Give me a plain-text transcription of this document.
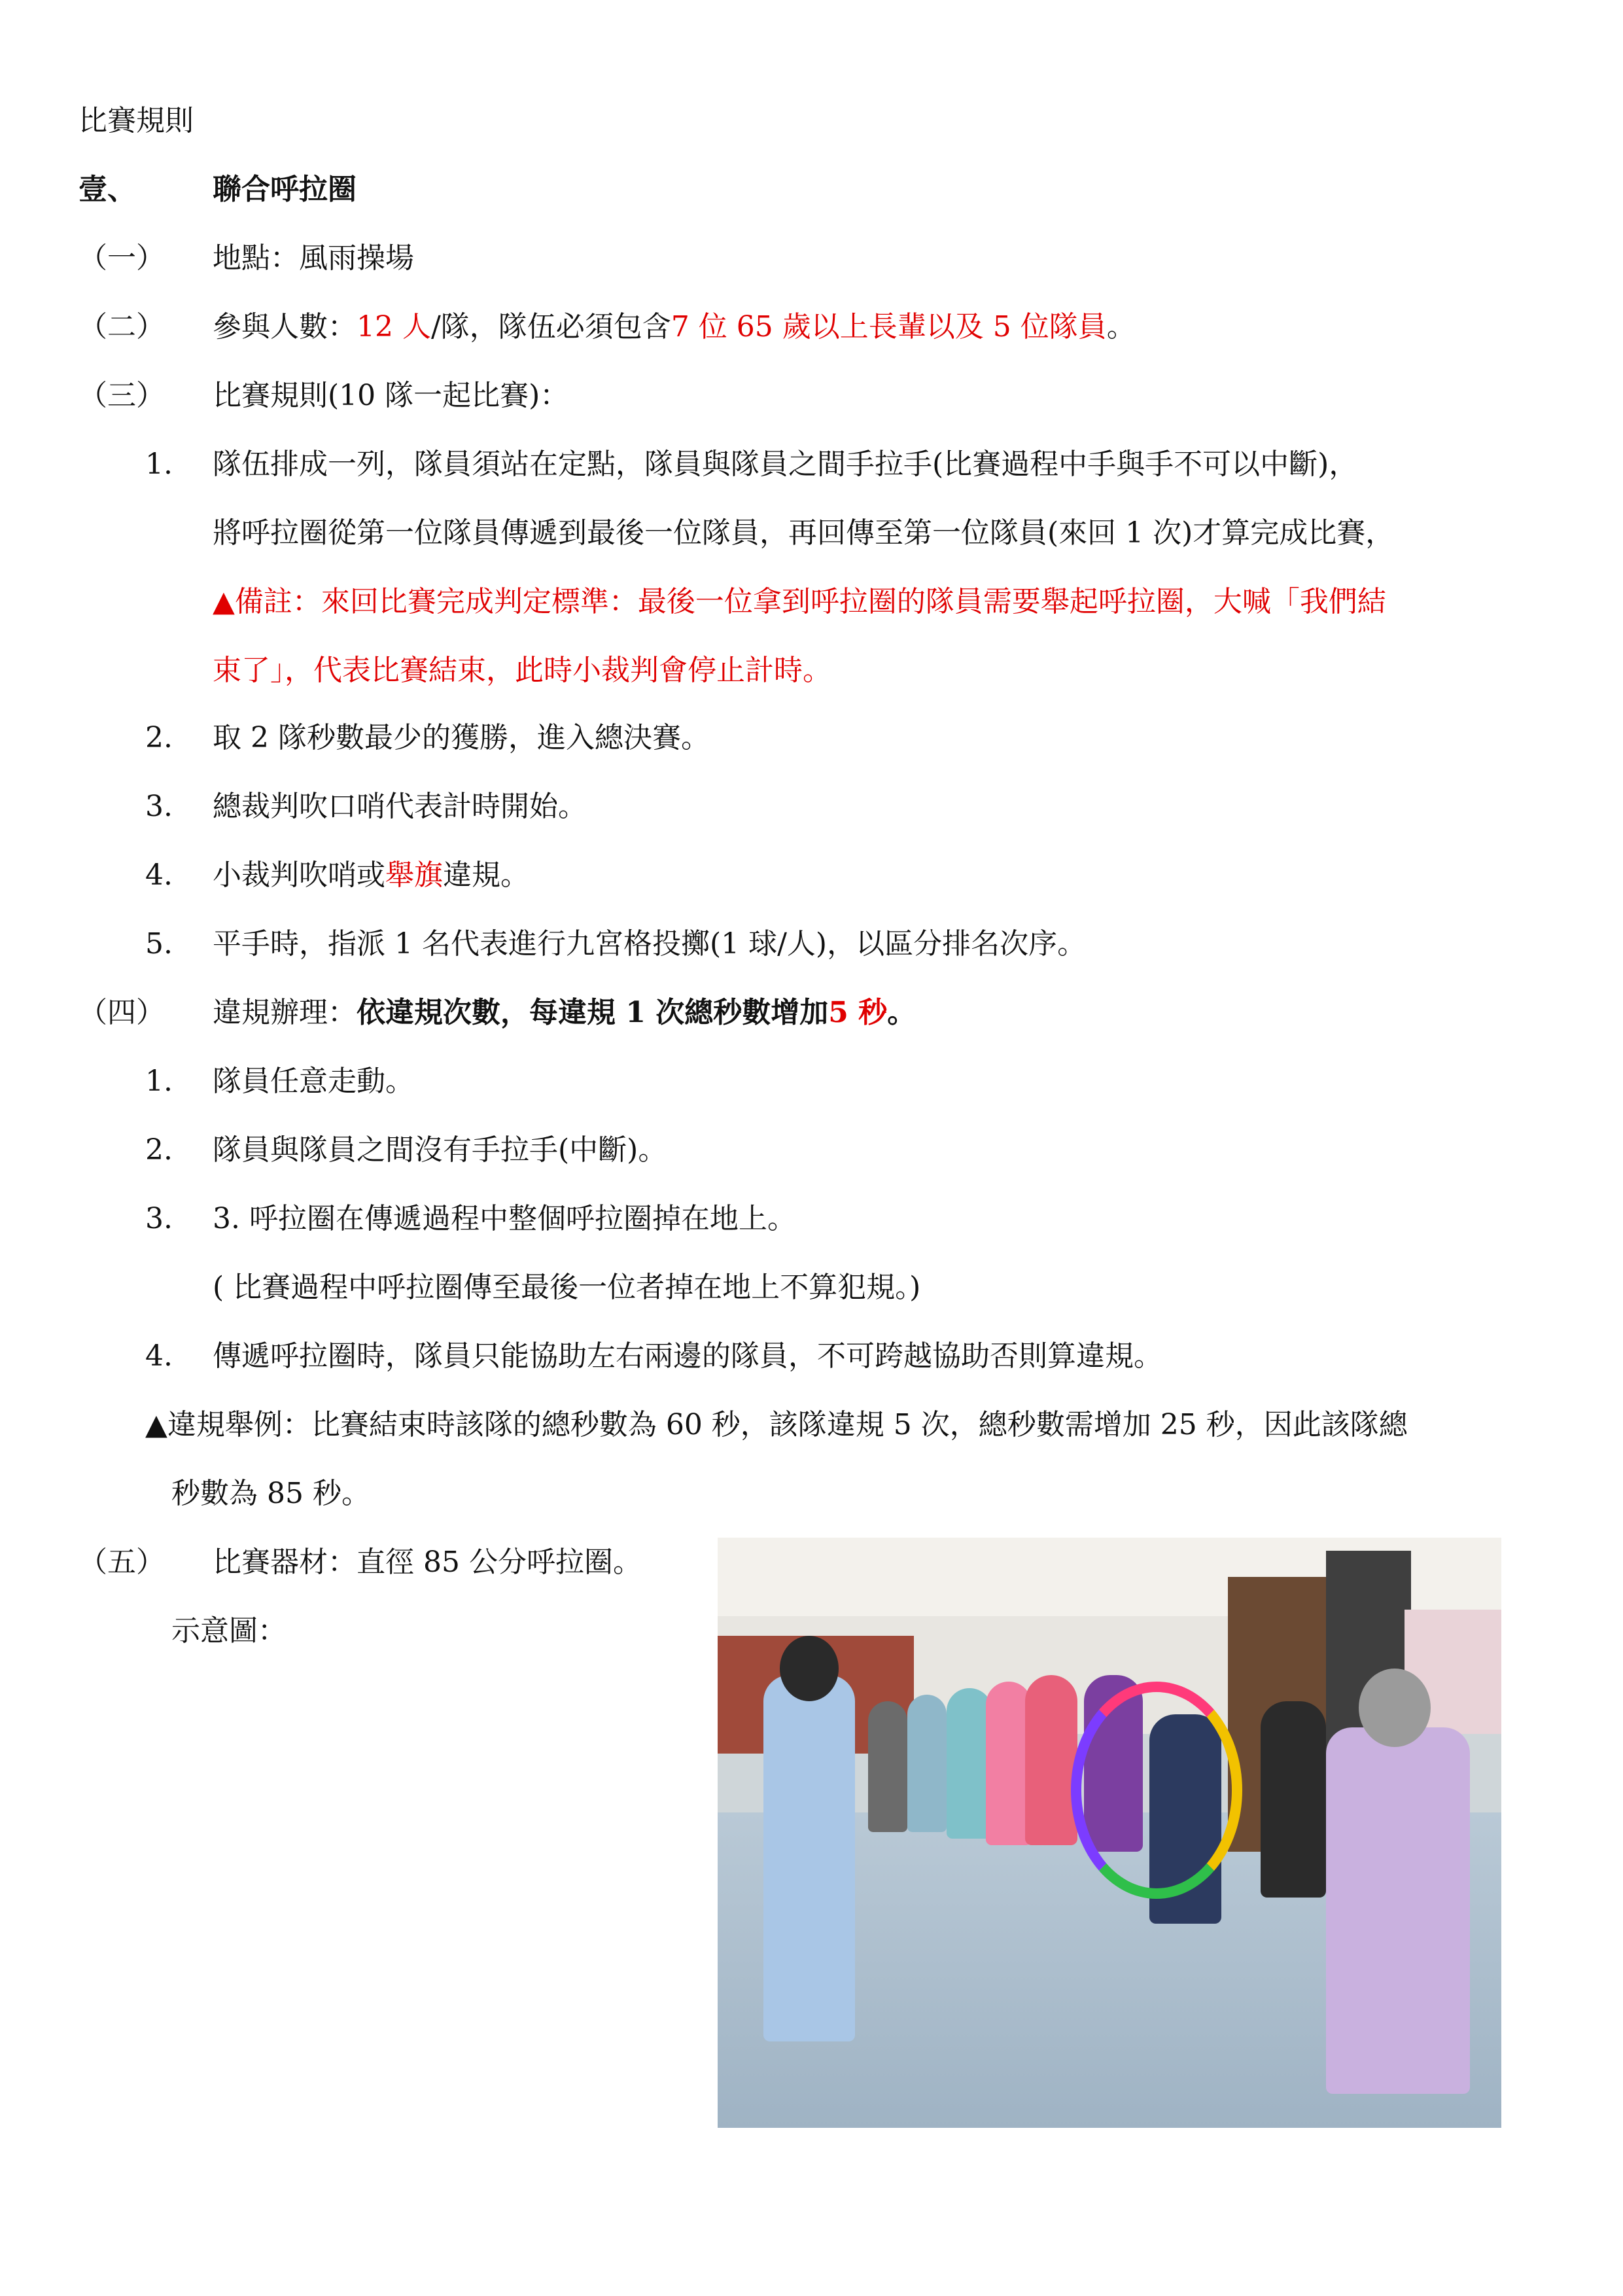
比賽規則
壹、	聯合呼拉圈
（一） 地點：風雨操場
（二） 參與人數：12 人/隊，隊伍必須包含7 位 65 歲以上長輩以及 5 位隊員。
（三） 比賽規則(10 隊一起比賽)：
1. 隊伍排成一列，隊員須站在定點，隊員與隊員之間手拉手(比賽過程中手與手不可以中斷)，
將呼拉圈從第一位隊員傳遞到最後一位隊員，再回傳至第一位隊員(來回 1 次)才算完成比賽，
▲備註：來回比賽完成判定標準：最後一位拿到呼拉圈的隊員需要舉起呼拉圈，大喊「我們結
束了」，代表比賽結束，此時小裁判會停止計時。
2. 取 2 隊秒數最少的獲勝，進入總決賽。
3. 總裁判吹口哨代表計時開始。
4. 小裁判吹哨或舉旗違規。
5. 平手時，指派 1 名代表進行九宮格投擲(1 球/人)，以區分排名次序。
（四） 違規辦理：依違規次數，每違規 1 次總秒數增加5 秒。
1. 隊員任意走動。
2. 隊員與隊員之間沒有手拉手(中斷)。
3. 3. 呼拉圈在傳遞過程中整個呼拉圈掉在地上。
( 比賽過程中呼拉圈傳至最後一位者掉在地上不算犯規。)
4. 傳遞呼拉圈時，隊員只能協助左右兩邊的隊員，不可跨越協助否則算違規。
▲違規舉例：比賽結束時該隊的總秒數為 60 秒，該隊違規 5 次，總秒數需增加 25 秒，因此該隊總
秒數為 85 秒。
（五） 比賽器材：直徑 85 公分呼拉圈。
示意圖：
